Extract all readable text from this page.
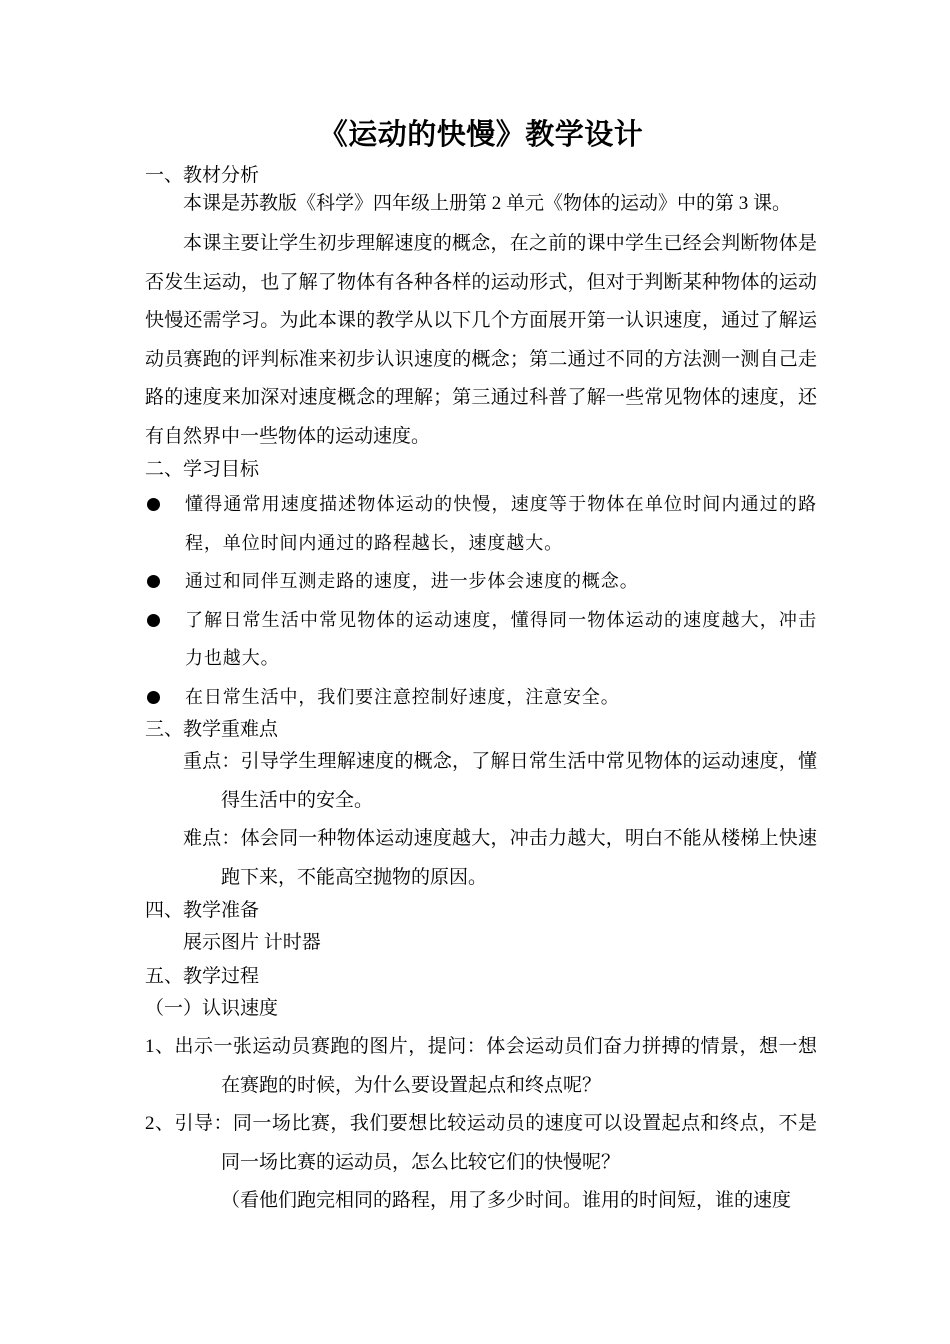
《运动的快慢》教学设计

一、教材分析

本课是苏教版《科学》四年级上册第 2 单元《物体的运动》中的第 3 课。

本课主要让学生初步理解速度的概念，在之前的课中学生已经会判断物体是否发生运动，也了解了物体有各种各样的运动形式，但对于判断某种物体的运动快慢还需学习。为此本课的教学从以下几个方面展开第一认识速度，通过了解运动员赛跑的评判标准来初步认识速度的概念；第二通过不同的方法测一测自己走路的速度来加深对速度概念的理解；第三通过科普了解一些常见物体的速度，还有自然界中一些物体的运动速度。

二、学习目标

懂得通常用速度描述物体运动的快慢，速度等于物体在单位时间内通过的路程，单位时间内通过的路程越长，速度越大。
通过和同伴互测走路的速度，进一步体会速度的概念。
了解日常生活中常见物体的运动速度，懂得同一物体运动的速度越大，冲击力也越大。
在日常生活中，我们要注意控制好速度，注意安全。

三、教学重难点

重点：引导学生理解速度的概念，了解日常生活中常见物体的运动速度，懂得生活中的安全。

难点：体会同一种物体运动速度越大，冲击力越大，明白不能从楼梯上快速跑下来，不能高空抛物的原因。

四、教学准备

展示图片 计时器

五、教学过程

（一）认识速度

1、出示一张运动员赛跑的图片，提问：体会运动员们奋力拼搏的情景，想一想在赛跑的时候，为什么要设置起点和终点呢？

2、引导：同一场比赛，我们要想比较运动员的速度可以设置起点和终点，不是同一场比赛的运动员，怎么比较它们的快慢呢？

（看他们跑完相同的路程，用了多少时间。谁用的时间短，谁的速度
